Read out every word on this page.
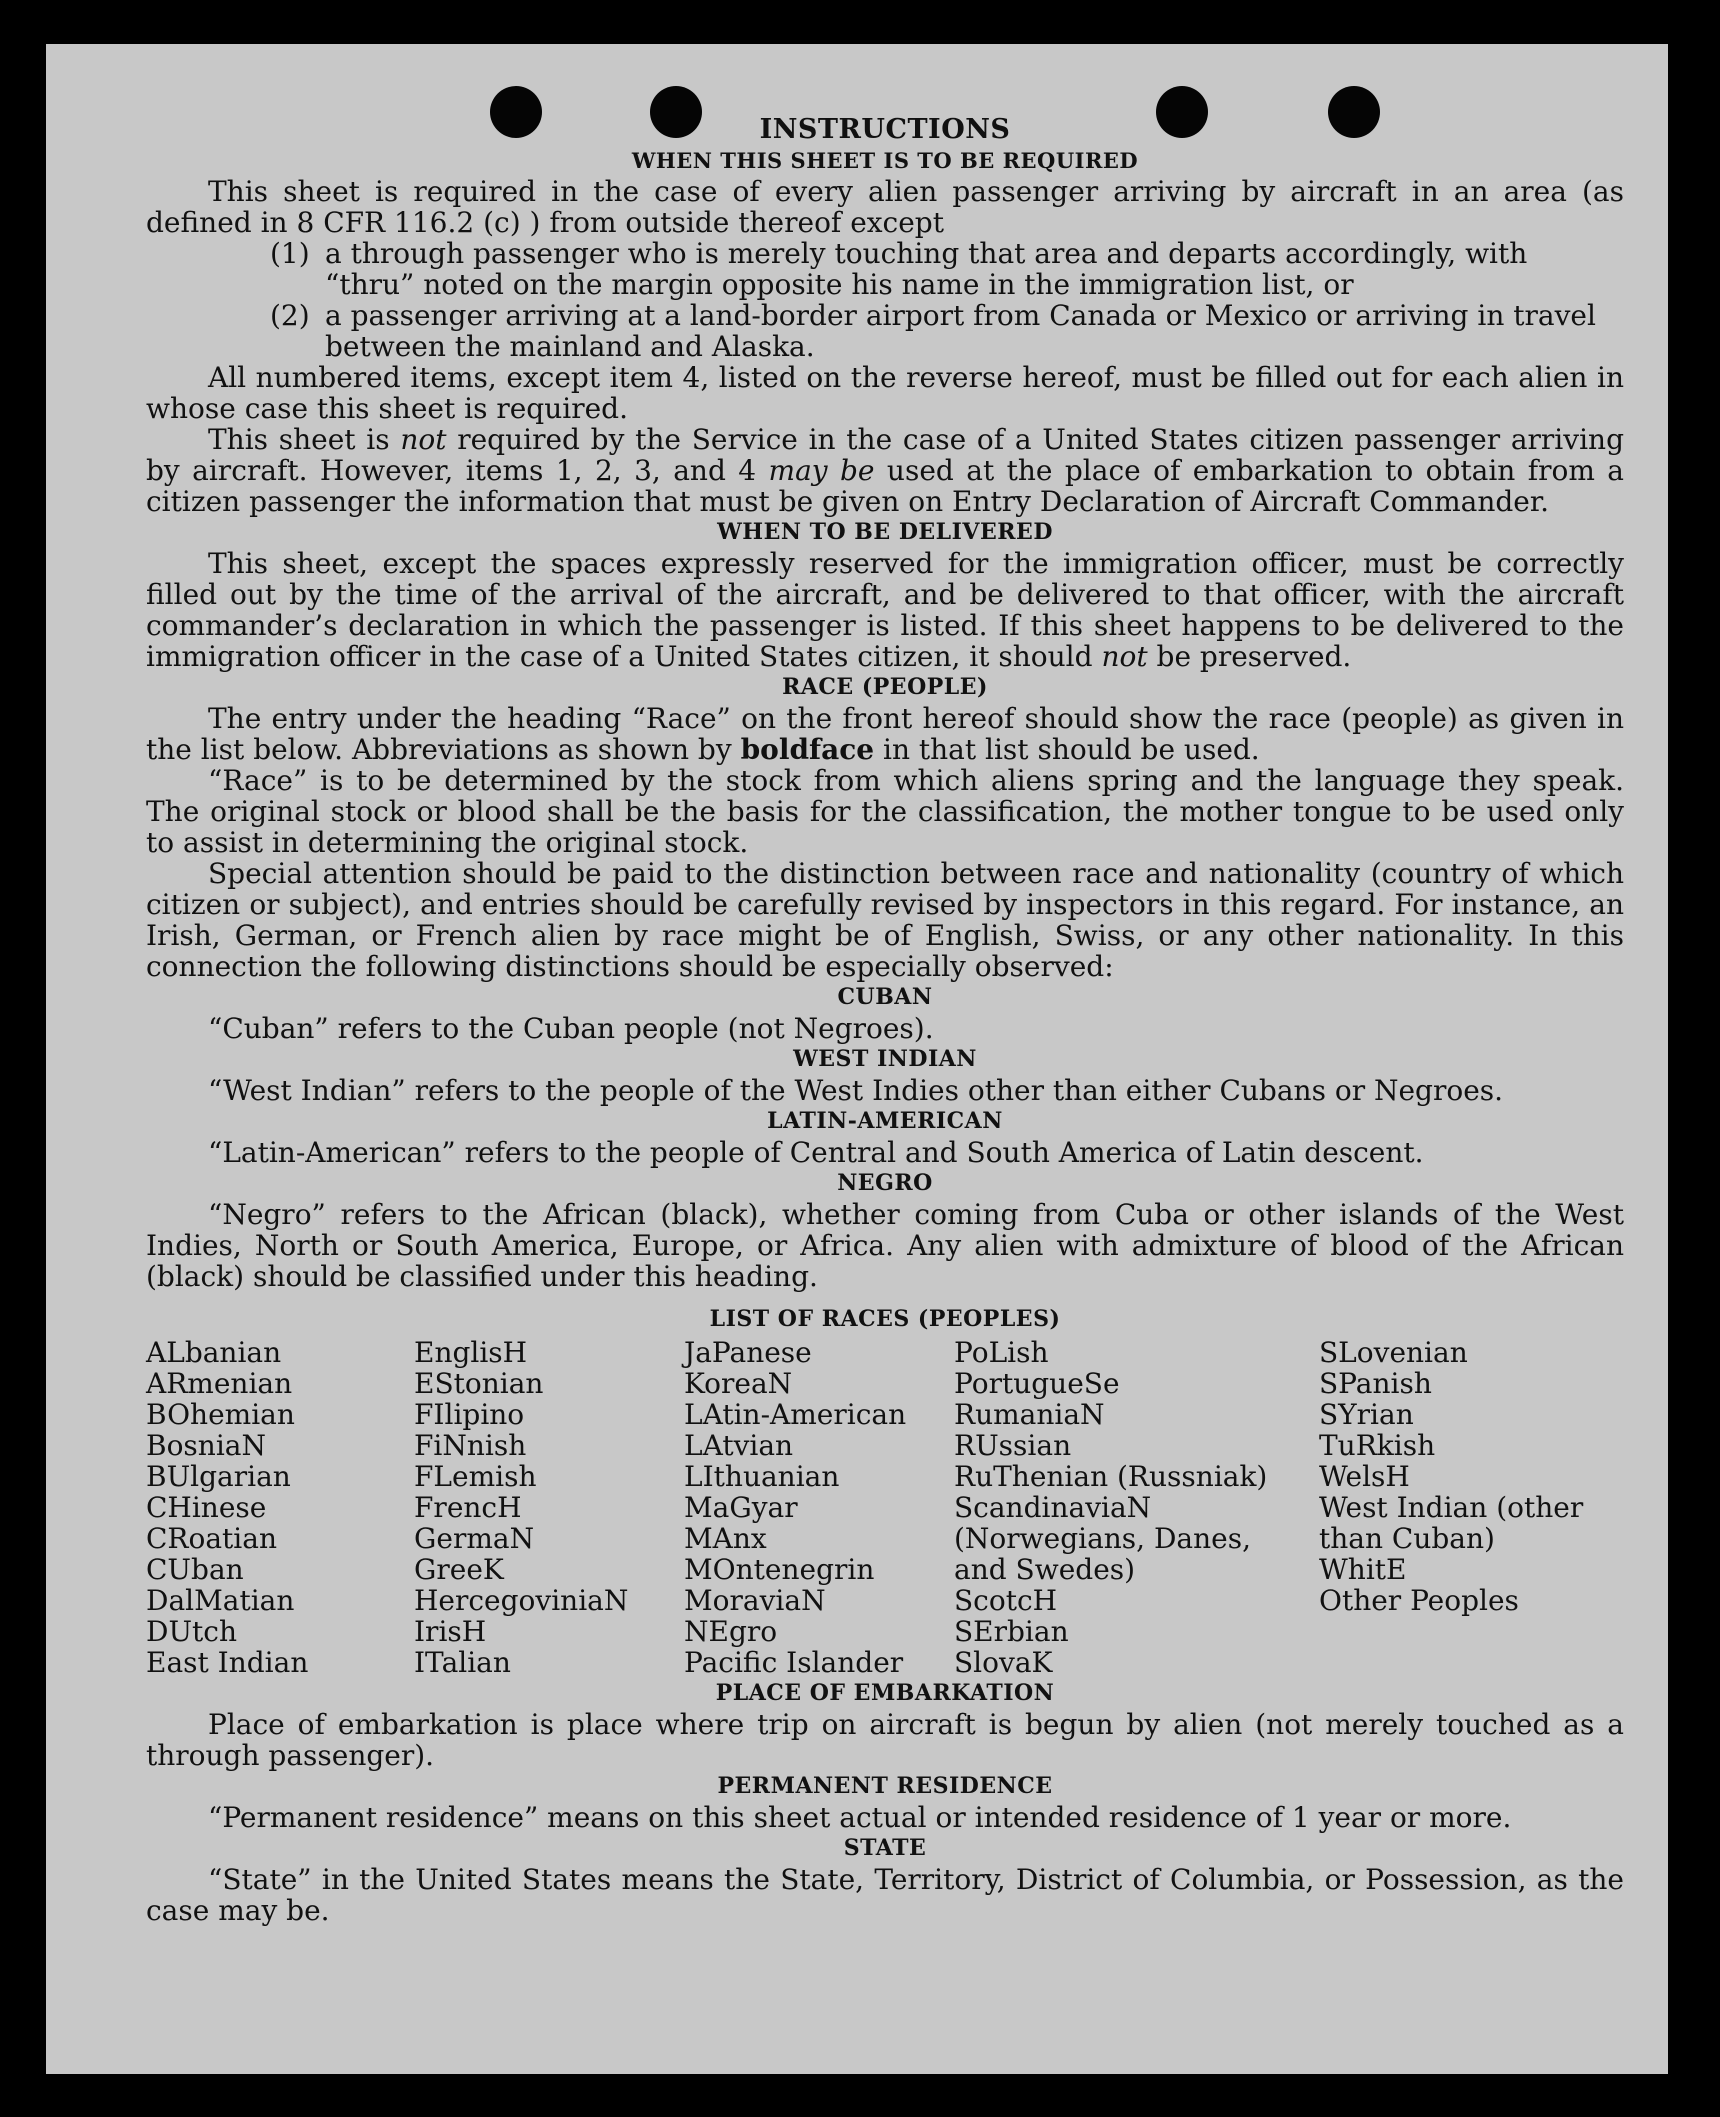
INSTRUCTIONS
WHEN THIS SHEET IS TO BE REQUIRED

This sheet is required in the case of every alien passenger arriving by aircraft in an area (as defined in 8 CFR 116.2 (c) ) from outside thereof except

(1) a through passenger who is merely touching that area and departs accordingly, with “thru” noted on the margin opposite his name in the immigration list, or
(2) a passenger arriving at a land-border airport from Canada or Mexico or arriving in travel between the mainland and Alaska.

All numbered items, except item 4, listed on the reverse hereof, must be filled out for each alien in whose case this sheet is required.

This sheet is not required by the Service in the case of a United States citizen passenger arriving by aircraft. However, items 1, 2, 3, and 4 may be used at the place of embarkation to obtain from a citizen passenger the information that must be given on Entry Declaration of Aircraft Commander.

WHEN TO BE DELIVERED

This sheet, except the spaces expressly reserved for the immigration officer, must be correctly filled out by the time of the arrival of the aircraft, and be delivered to that officer, with the aircraft commander’s declaration in which the passenger is listed. If this sheet happens to be delivered to the immigration officer in the case of a United States citizen, it should not be preserved.

RACE (PEOPLE)

The entry under the heading “Race” on the front hereof should show the race (people) as given in the list below. Abbreviations as shown by boldface in that list should be used.

“Race” is to be determined by the stock from which aliens spring and the language they speak. The original stock or blood shall be the basis for the classification, the mother tongue to be used only to assist in determining the original stock.

Special attention should be paid to the distinction between race and nationality (country of which citizen or subject), and entries should be carefully revised by inspectors in this regard. For instance, an Irish, German, or French alien by race might be of English, Swiss, or any other nationality. In this connection the following distinctions should be especially observed:

CUBAN

“Cuban” refers to the Cuban people (not Negroes).

WEST INDIAN

“West Indian” refers to the people of the West Indies other than either Cubans or Negroes.

LATIN-AMERICAN

“Latin-American” refers to the people of Central and South America of Latin descent.

NEGRO

“Negro” refers to the African (black), whether coming from Cuba or other islands of the West Indies, North or South America, Europe, or Africa. Any alien with admixture of blood of the African (black) should be classified under this heading.

LIST OF RACES (PEOPLES)
ALbanian
ARmenian
BOhemian
BosniaN
BUlgarian
CHinese
CRoatian
CUban
DalMatian
DUtch
East Indian
EnglisH
EStonian
FIlipino
FiNnish
FLemish
FrencH
GermaN
GreeK
HercegoviniaN
IrisH
ITalian
JaPanese
KoreaN
LAtin-American
LAtvian
LIthuanian
MaGyar
MAnx
MOntenegrin
MoraviaN
NEgro
Pacific Islander
PoLish
PortugueSe
RumaniaN
RUssian
RuThenian (Russniak)
ScandinaviaN (Norwegians, Danes, and Swedes)
ScotcH
SErbian
SlovaK
SLovenian
SPanish
SYrian
TuRkish
WelsH
West Indian (other than Cuban)
WhitE
Other Peoples
PLACE OF EMBARKATION

Place of embarkation is place where trip on aircraft is begun by alien (not merely touched as a through passenger).

PERMANENT RESIDENCE

“Permanent residence” means on this sheet actual or intended residence of 1 year or more.

STATE

“State” in the United States means the State, Territory, District of Columbia, or Possession, as the case may be.
